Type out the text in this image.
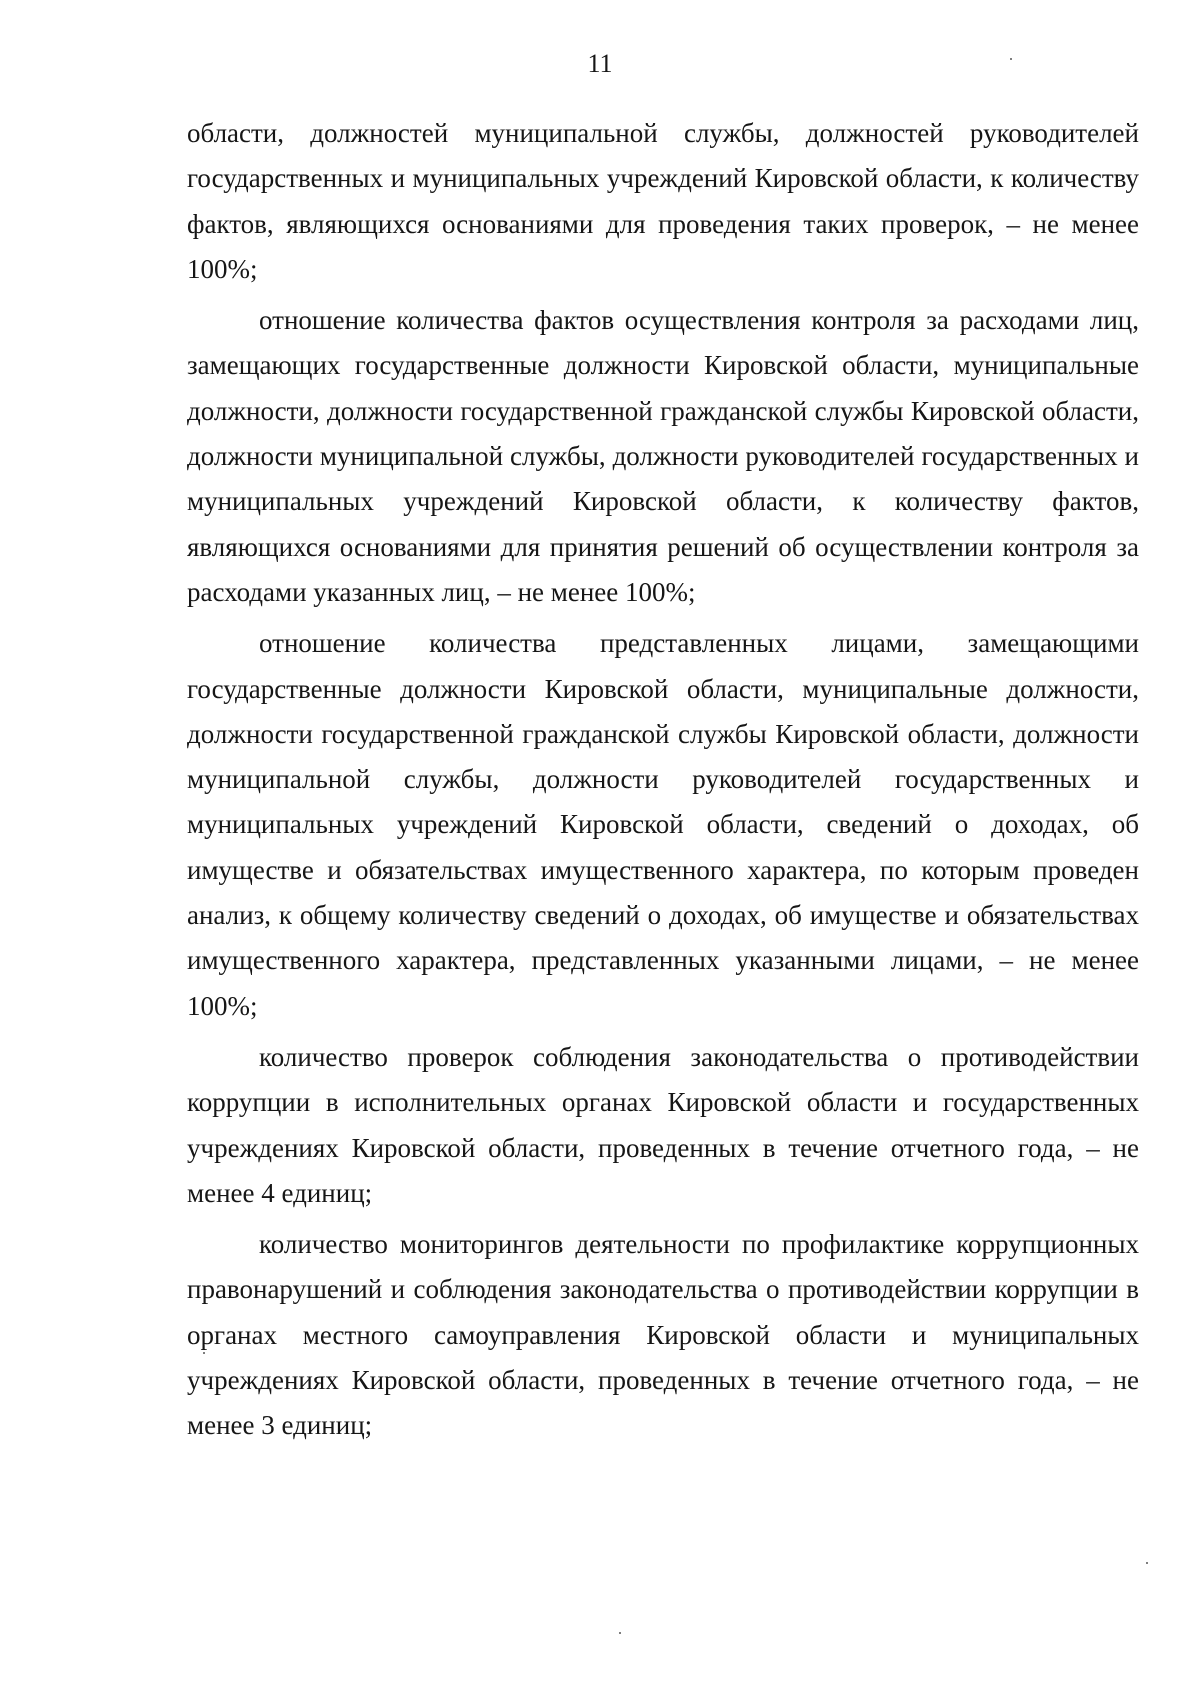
11

области, должностей муниципальной службы, должностей руководителей государственных и муниципальных учреждений Кировской области, к количеству фактов, являющихся основаниями для проведения таких проверок, – не менее 100%;

отношение количества фактов осуществления контроля за расходами лиц, замещающих государственные должности Кировской области, муниципальные должности, должности государственной гражданской службы Кировской области, должности муниципальной службы, должности руководителей государственных и муниципальных учреждений Кировской области, к количеству фактов, являющихся основаниями для принятия решений об осуществлении контроля за расходами указанных лиц, – не менее 100%;

отношение количества представленных лицами, замещающими государственные должности Кировской области, муниципальные должности, должности государственной гражданской службы Кировской области, должности муниципальной службы, должности руководителей государственных и муниципальных учреждений Кировской области, сведений о доходах, об имуществе и обязательствах имущественного характера, по которым проведен анализ, к общему количеству сведений о доходах, об имуществе и обязательствах имущественного характера, представленных указанными лицами, – не менее 100%;

количество проверок соблюдения законодательства о противодействии коррупции в исполнительных органах Кировской области и государственных учреждениях Кировской области, проведенных в течение отчетного года, – не менее 4 единиц;

количество мониторингов деятельности по профилактике коррупционных правонарушений и соблюдения законодательства о противодействии коррупции в органах местного самоуправления Кировской области и муниципальных учреждениях Кировской области, проведенных в течение отчетного года, – не менее 3 единиц;
